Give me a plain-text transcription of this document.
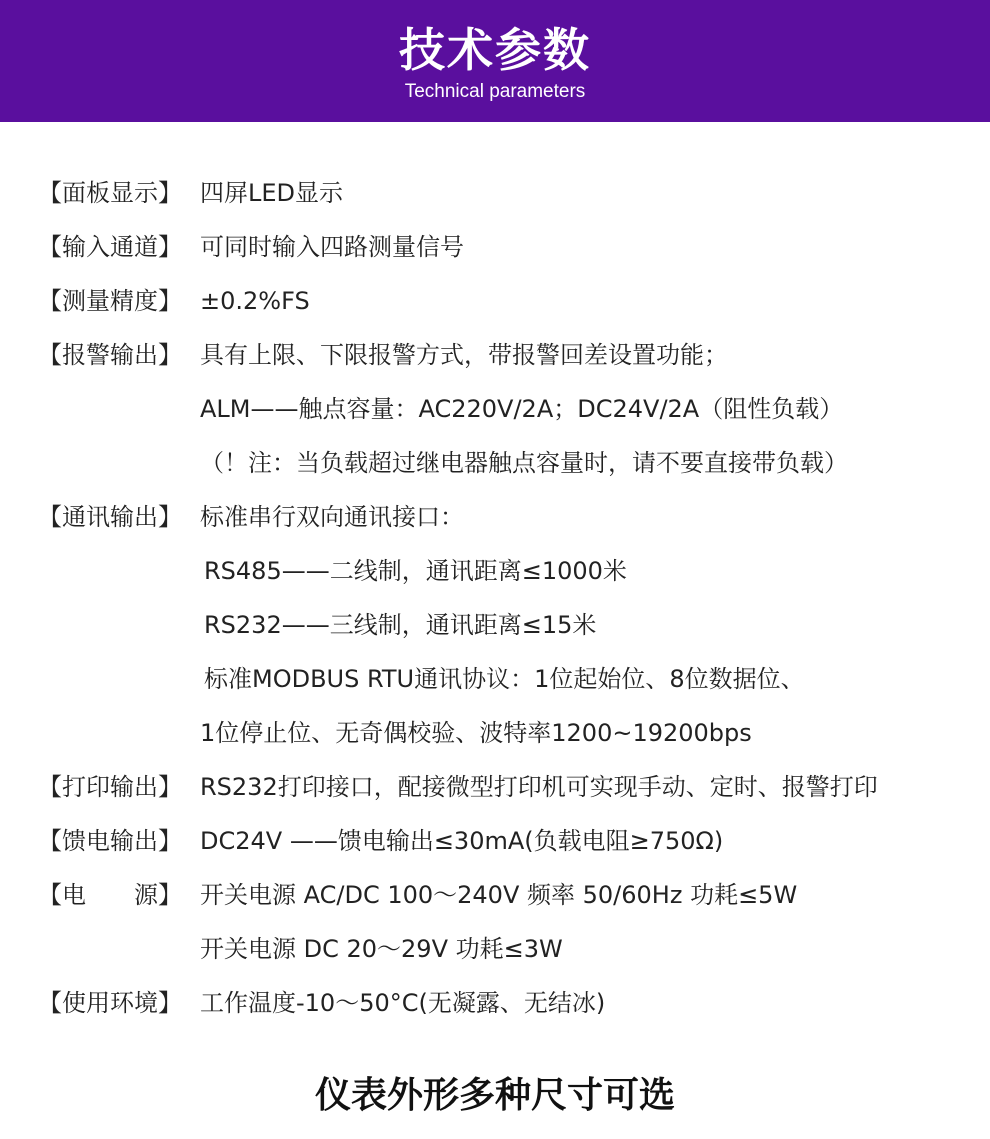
技术参数
Technical parameters
【面板显示】 四屏LED显示
【输入通道】 可同时输入四路测量信号
【测量精度】 ±0.2%FS
【报警输出】 具有上限、下限报警方式，带报警回差设置功能；
ALM——触点容量：AC220V/2A；DC24V/2A（阻性负载）
（！注：当负载超过继电器触点容量时，请不要直接带负载）
【通讯输出】 标准串行双向通讯接口：
RS485——二线制，通讯距离≤1000米
RS232——三线制，通讯距离≤15米
标准MODBUS RTU通讯协议：1位起始位、8位数据位、
1位停止位、无奇偶校验、波特率1200~19200bps
【打印输出】 RS232打印接口，配接微型打印机可实现手动、定时、报警打印
【馈电输出】 DC24V ——馈电输出≤30mA(负载电阻≥750Ω)
【电　　源】 开关电源 AC/DC 100～240V 频率 50/60Hz 功耗≤5W
开关电源 DC 20～29V 功耗≤3W
【使用环境】 工作温度-10～50°C(无凝露、无结冰)
仪表外形多种尺寸可选
